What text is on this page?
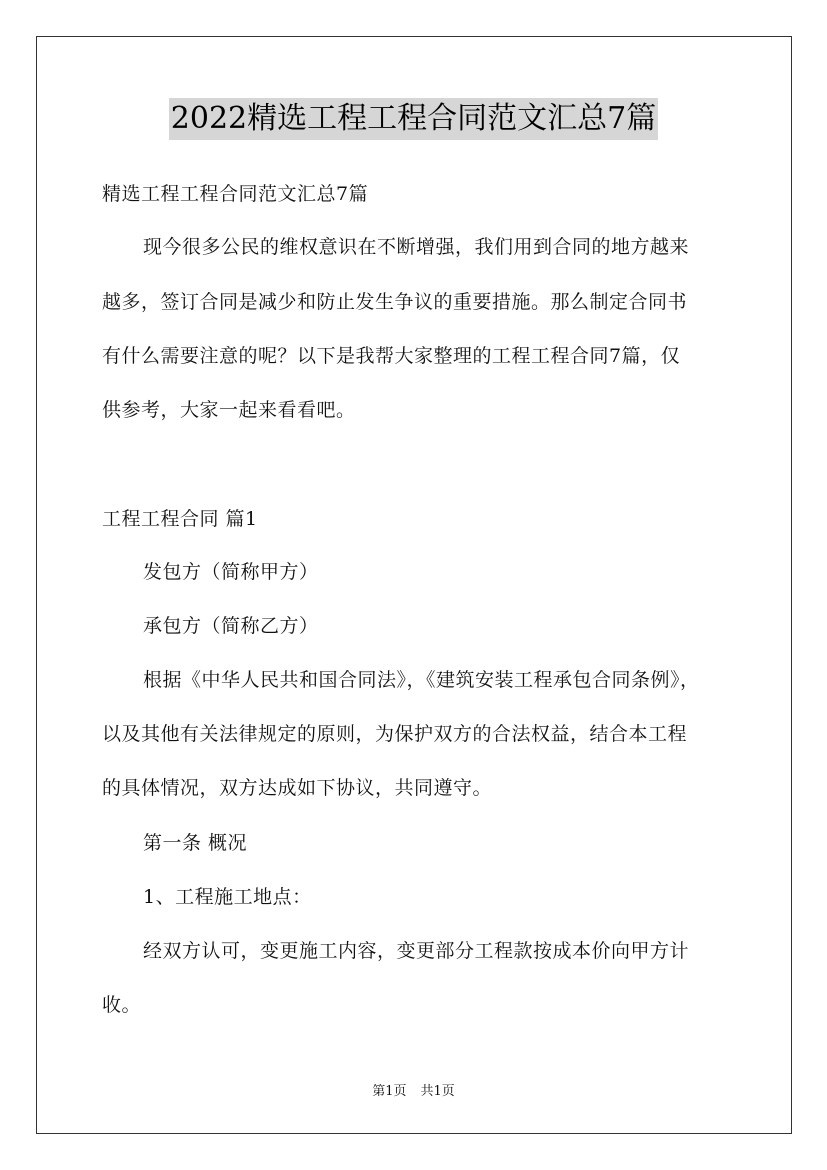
2022精选工程工程合同范文汇总7篇
精选工程工程合同范文汇总7篇
现今很多公民的维权意识在不断增强，我们用到合同的地方越来
越多，签订合同是减少和防止发生争议的重要措施。那么制定合同书
有什么需要注意的呢？以下是我帮大家整理的工程工程合同7篇，仅
供参考，大家一起来看看吧。
工程工程合同 篇1
发包方（简称甲方）
承包方（简称乙方）
根据《中华人民共和国合同法》，《建筑安装工程承包合同条例》，
以及其他有关法律规定的原则，为保护双方的合法权益，结合本工程
的具体情况，双方达成如下协议，共同遵守。
第一条 概况
1、工程施工地点：
经双方认可，变更施工内容，变更部分工程款按成本价向甲方计
收。
第1页 共1页
